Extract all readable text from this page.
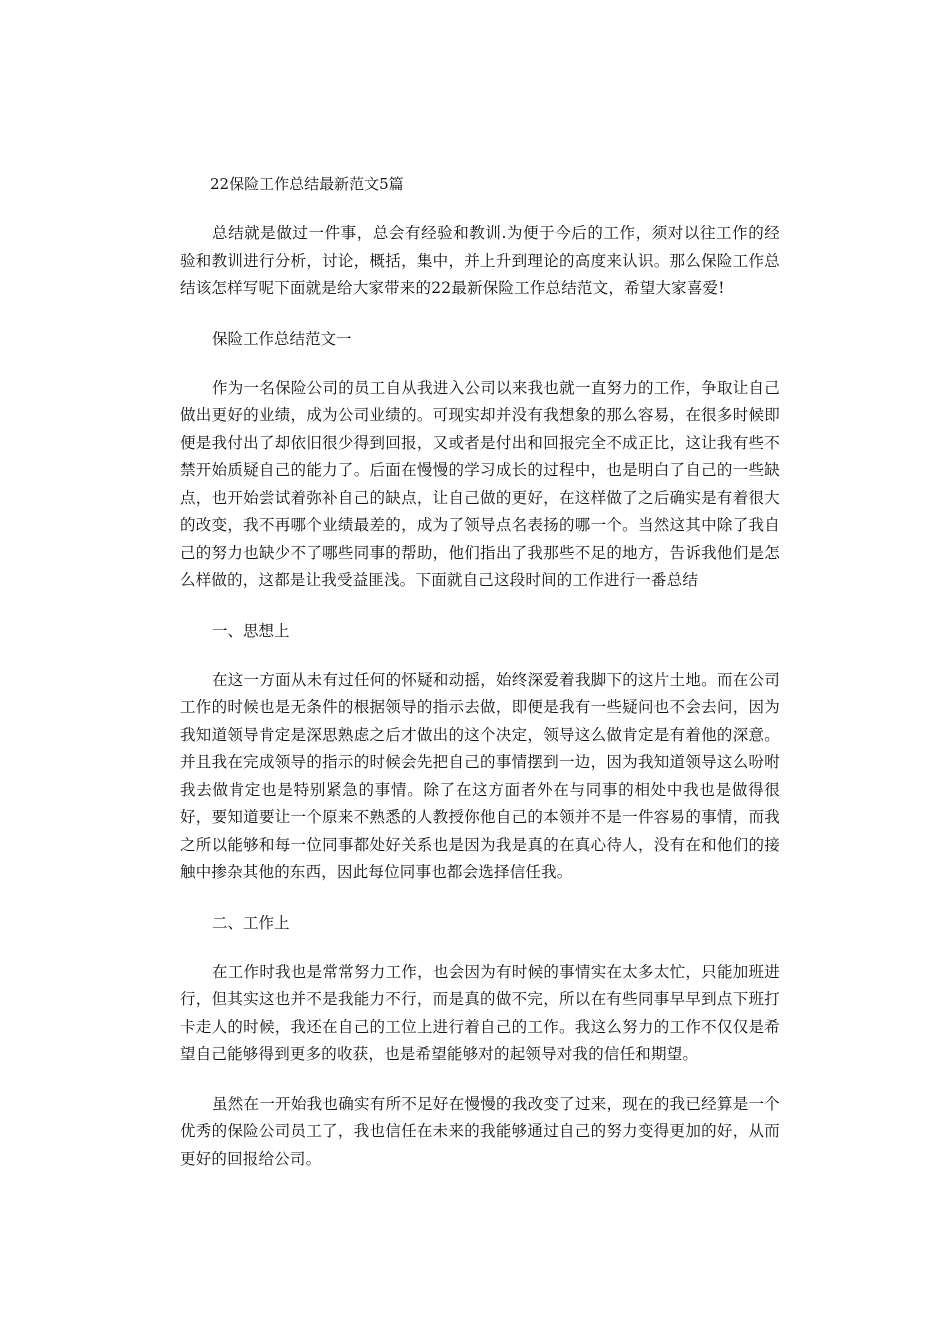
22保险工作总结最新范文5篇

总结就是做过一件事，总会有经验和教训.为便于今后的工作，须对以往工作的经验和教训进行分析，讨论，概括，集中，并上升到理论的高度来认识。那么保险工作总结该怎样写呢下面就是给大家带来的22最新保险工作总结范文，希望大家喜爱!

保险工作总结范文一

作为一名保险公司的员工自从我进入公司以来我也就一直努力的工作，争取让自己做出更好的业绩，成为公司业绩的。可现实却并没有我想象的那么容易，在很多时候即便是我付出了却依旧很少得到回报，又或者是付出和回报完全不成正比，这让我有些不禁开始质疑自己的能力了。后面在慢慢的学习成长的过程中，也是明白了自己的一些缺点，也开始尝试着弥补自己的缺点，让自己做的更好，在这样做了之后确实是有着很大的改变，我不再哪个业绩最差的，成为了领导点名表扬的哪一个。当然这其中除了我自己的努力也缺少不了哪些同事的帮助，他们指出了我那些不足的地方，告诉我他们是怎么样做的，这都是让我受益匪浅。下面就自己这段时间的工作进行一番总结

一、思想上

在这一方面从未有过任何的怀疑和动摇，始终深爱着我脚下的这片土地。而在公司工作的时候也是无条件的根据领导的指示去做，即便是我有一些疑问也不会去问，因为我知道领导肯定是深思熟虑之后才做出的这个决定，领导这么做肯定是有着他的深意。并且我在完成领导的指示的时候会先把自己的事情摆到一边，因为我知道领导这么吩咐我去做肯定也是特别紧急的事情。除了在这方面者外在与同事的相处中我也是做得很好，要知道要让一个原来不熟悉的人教授你他自己的本领并不是一件容易的事情，而我之所以能够和每一位同事都处好关系也是因为我是真的在真心待人，没有在和他们的接触中掺杂其他的东西，因此每位同事也都会选择信任我。

二、工作上

在工作时我也是常常努力工作，也会因为有时候的事情实在太多太忙，只能加班进行，但其实这也并不是我能力不行，而是真的做不完，所以在有些同事早早到点下班打卡走人的时候，我还在自己的工位上进行着自己的工作。我这么努力的工作不仅仅是希望自己能够得到更多的收获，也是希望能够对的起领导对我的信任和期望。

虽然在一开始我也确实有所不足好在慢慢的我改变了过来，现在的我已经算是一个优秀的保险公司员工了，我也信任在未来的我能够通过自己的努力变得更加的好，从而更好的回报给公司。
